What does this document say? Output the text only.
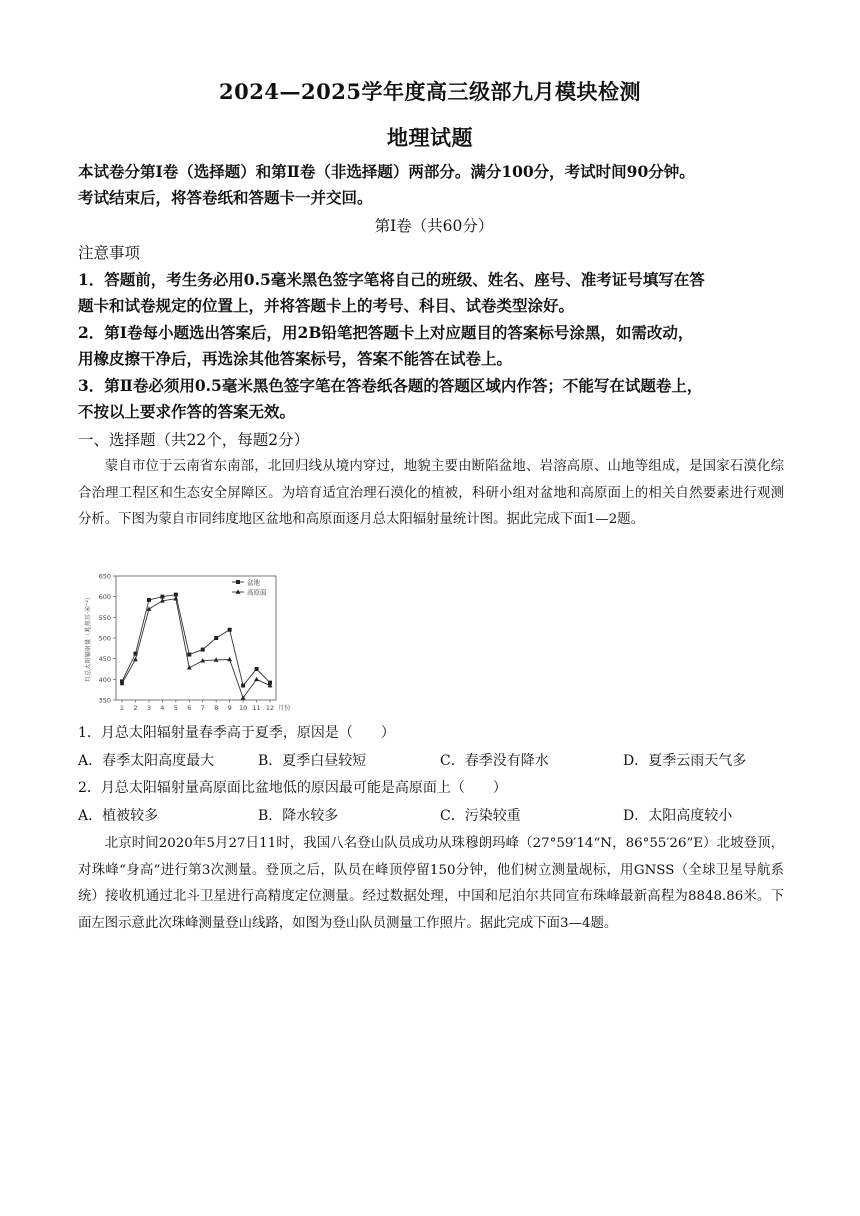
2024—2025学年度高三级部九月模块检测
地理试题
本试卷分第Ⅰ卷（选择题）和第Ⅱ卷（非选择题）两部分。满分100分，考试时间90分钟。
考试结束后，将答卷纸和答题卡一并交回。
第Ⅰ卷（共60分）
注意事项
1．答题前，考生务必用0.5毫米黑色签字笔将自己的班级、姓名、座号、准考证号填写在答
题卡和试卷规定的位置上，并将答题卡上的考号、科目、试卷类型涂好。
2．第Ⅰ卷每小题选出答案后，用2B铅笔把答题卡上对应题目的答案标号涂黑，如需改动，
用橡皮擦干净后，再选涂其他答案标号，答案不能答在试卷上。
3．第Ⅱ卷必须用0.5毫米黑色签字笔在答卷纸各题的答题区域内作答；不能写在试题卷上，
不按以上要求作答的答案无效。
一、选择题（共22个，每题2分）
蒙自市位于云南省东南部，北回归线从境内穿过，地貌主要由断陷盆地、岩溶高原、山地等组成，是国家石漠化综合治理工程区和生态安全屏障区。为培育适宜治理石漠化的植被，科研小组对盆地和高原面上的相关自然要素进行观测分析。下图为蒙自市同纬度地区盆地和高原面逐月总太阳辐射量统计图。据此完成下面1—2题。
350
400
450
500
550
600
650
1 2 3 4 5 6 7 8 9 10 11 12 月份
月总太阳辐射量（兆焦耳·米⁻²）
盆地
高原面
1．月总太阳辐射量春季高于夏季，原因是（　　）
A．春季太阳高度最大	B．夏季白昼较短	C．春季没有降水	D．夏季云雨天气多
2．月总太阳辐射量高原面比盆地低的原因最可能是高原面上（　　）
A．植被较多	B．降水较多	C．污染较重	D．太阳高度较小
北京时间2020年5月27日11时，我国八名登山队员成功从珠穆朗玛峰（27°59′14“N，86°55′26”E）北坡登顶，对珠峰“身高”进行第3次测量。登顶之后，队员在峰顶停留150分钟，他们树立测量觇标，用GNSS（全球卫星导航系统）接收机通过北斗卫星进行高精度定位测量。经过数据处理，中国和尼泊尔共同宣布珠峰最新高程为8848.86米。下面左图示意此次珠峰测量登山线路，如图为登山队员测量工作照片。据此完成下面3—4题。
